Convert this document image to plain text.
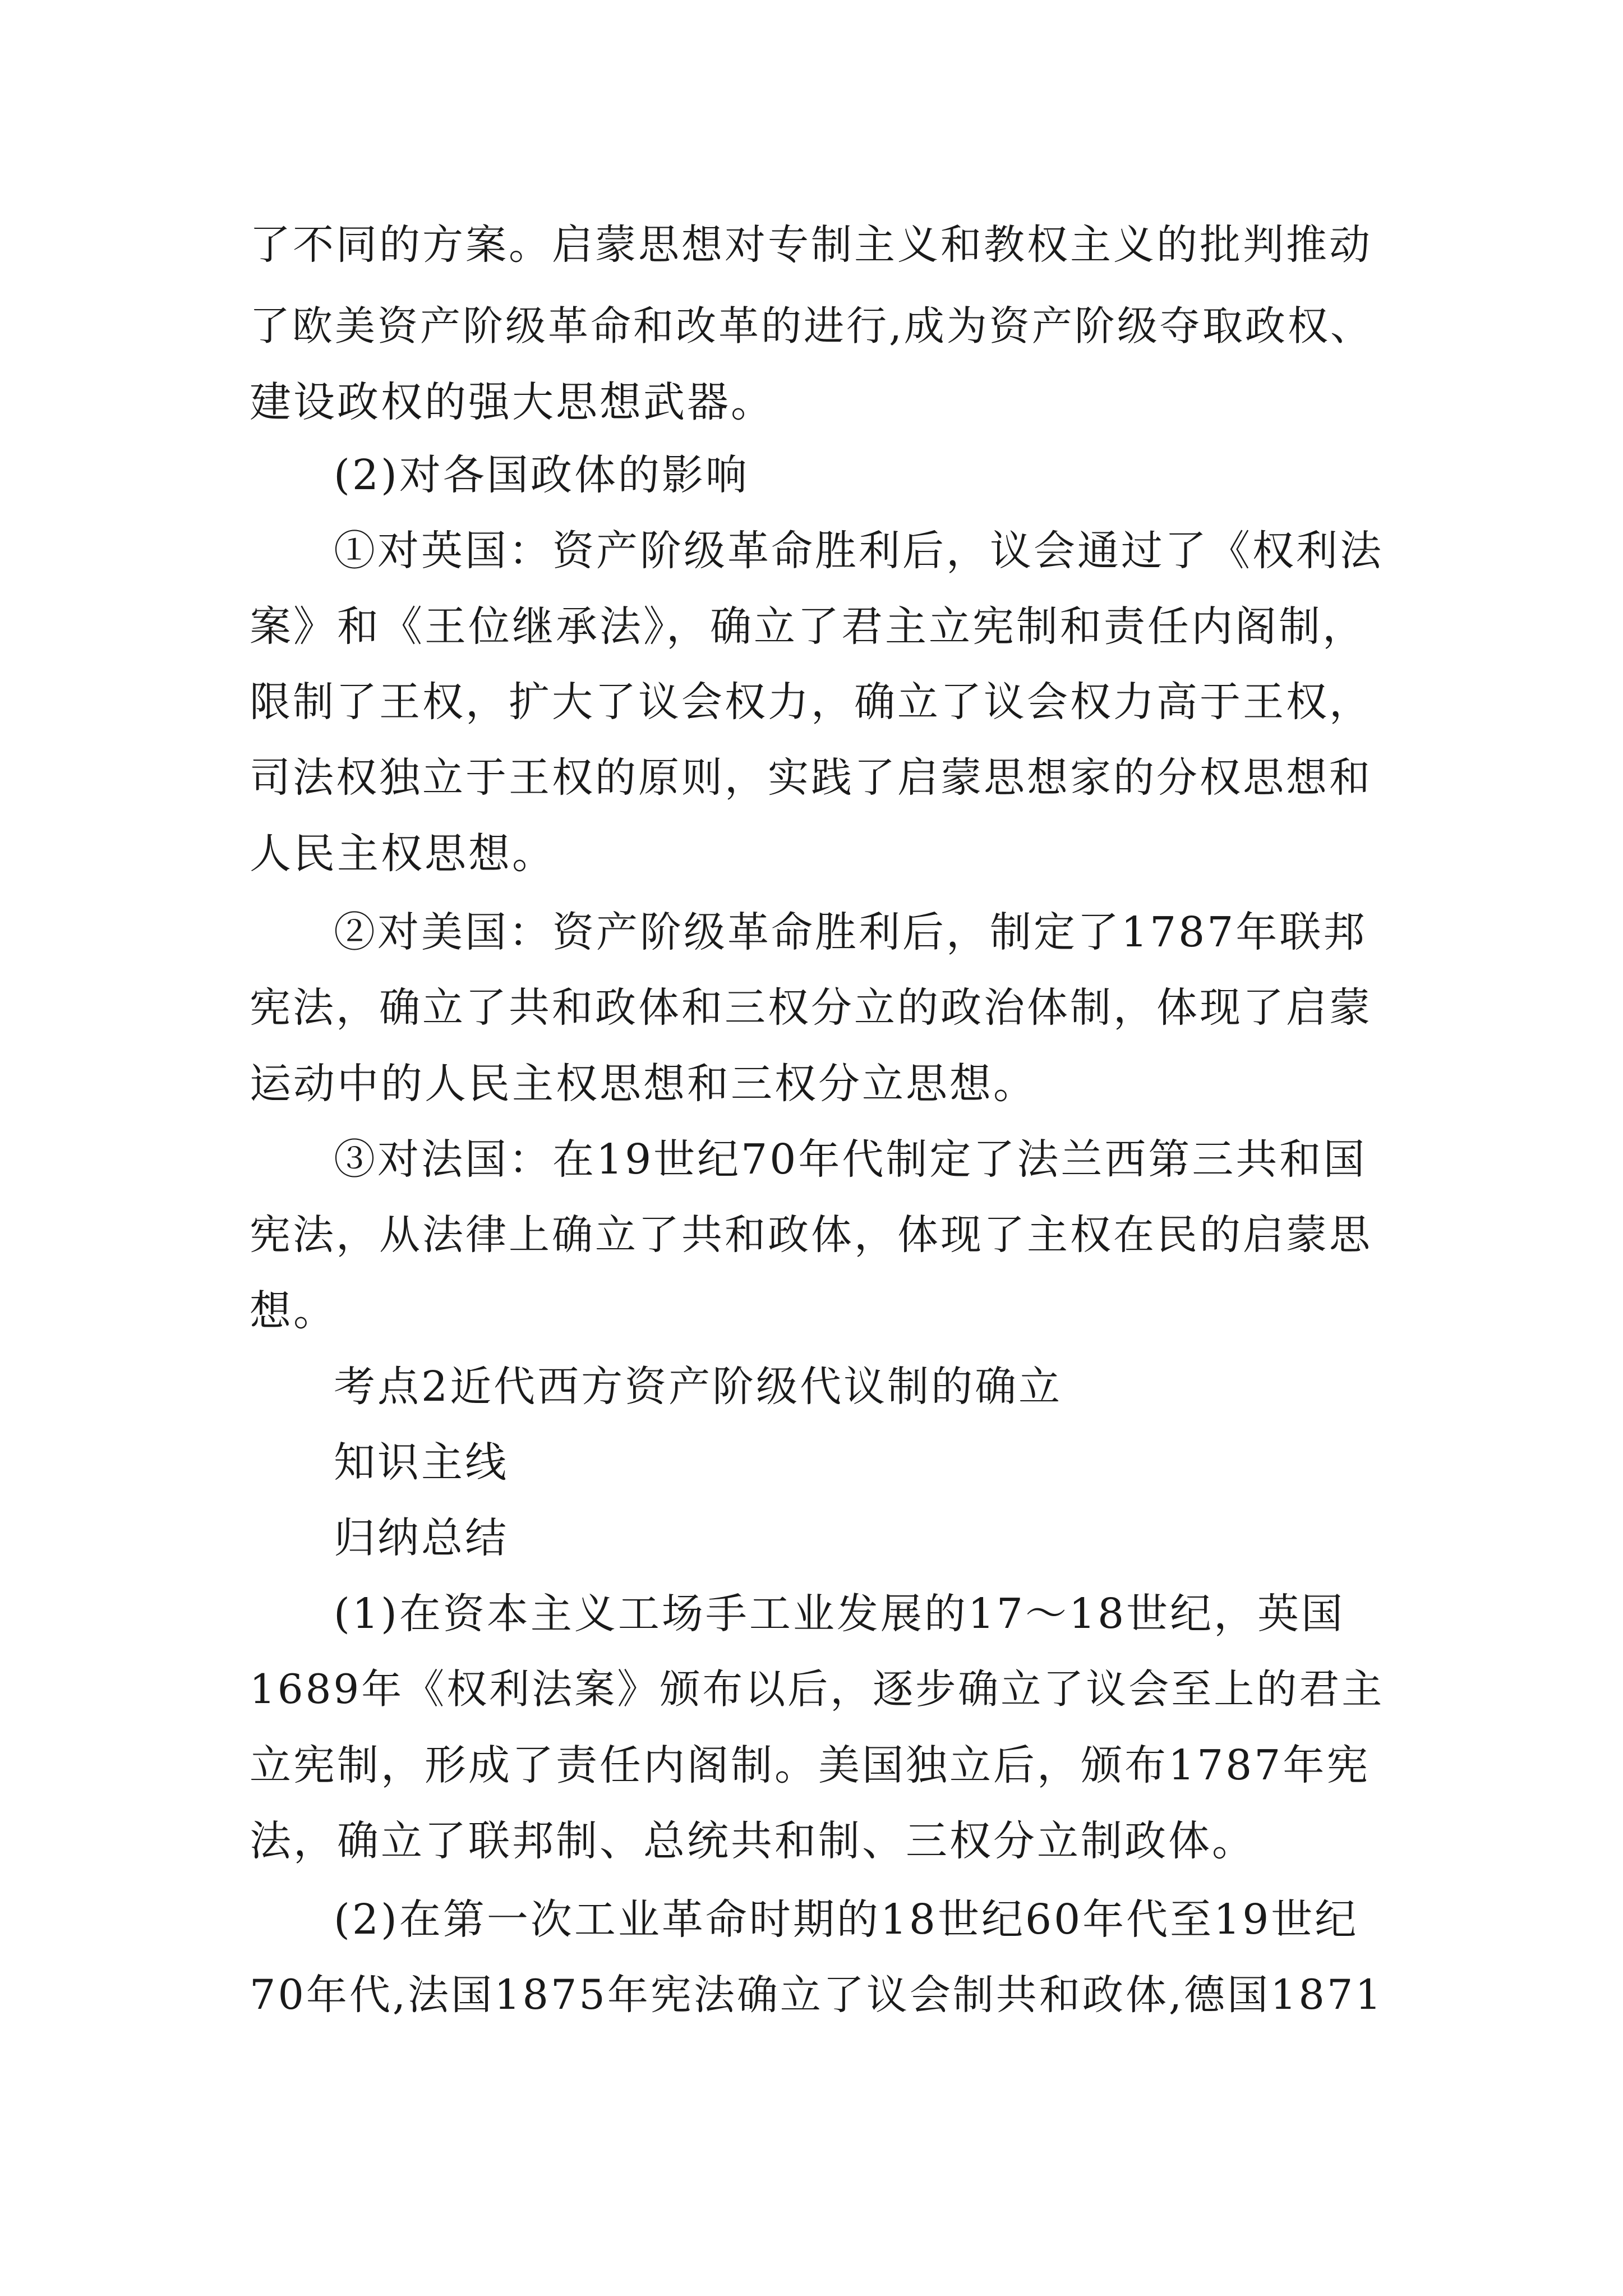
了不同的方案。启蒙思想对专制主义和教权主义的批判推动
了欧美资产阶级革命和改革的进行,成为资产阶级夺取政权、
建设政权的强大思想武器。
(2)对各国政体的影响
①对英国：资产阶级革命胜利后，议会通过了《权利法
案》和《王位继承法》，确立了君主立宪制和责任内阁制，
限制了王权，扩大了议会权力，确立了议会权力高于王权，
司法权独立于王权的原则，实践了启蒙思想家的分权思想和
人民主权思想。
②对美国：资产阶级革命胜利后，制定了1787年联邦
宪法，确立了共和政体和三权分立的政治体制，体现了启蒙
运动中的人民主权思想和三权分立思想。
③对法国：在19世纪70年代制定了法兰西第三共和国
宪法，从法律上确立了共和政体，体现了主权在民的启蒙思
想。
考点2近代西方资产阶级代议制的确立
知识主线
归纳总结
(1)在资本主义工场手工业发展的17～18世纪，英国
1689年《权利法案》颁布以后，逐步确立了议会至上的君主
立宪制，形成了责任内阁制。美国独立后，颁布1787年宪
法，确立了联邦制、总统共和制、三权分立制政体。
(2)在第一次工业革命时期的18世纪60年代至19世纪
70年代,法国1875年宪法确立了议会制共和政体,德国1871
